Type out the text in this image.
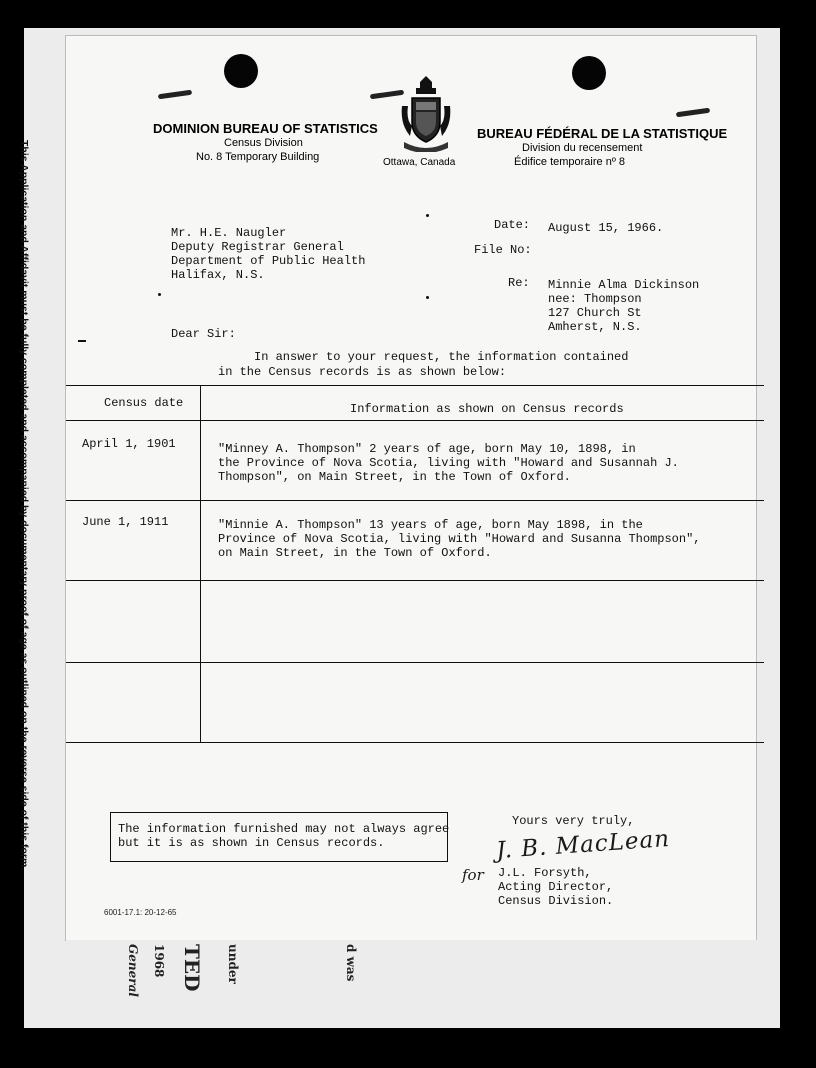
This Application and Affidavit must be fully completed and accompanied by documentary proof of age as outlined on the reverse side of this form.

DOMINION BUREAU OF STATISTICS
Census Division
No. 8 Temporary Building	Ottawa, Canada
BUREAU FÉDÉRAL DE LA STATISTIQUE
Division du recensement
Édifice temporaire nº 8
Date: August 15, 1966.
File No:
Mr. H.E. Naugler
Deputy Registrar General
Department of Public Health
Halifax, N.S.
Re: Minnie Alma Dickinson
nee: Thompson
127 Church St
Amherst, N.S.
Dear Sir:
In answer to your request, the information contained
in the Census records is as shown below:
Census date	Information as shown on Census records
April 1, 1901	"Minney A. Thompson" 2 years of age, born May 10, 1898, in
the Province of Nova Scotia, living with "Howard and Susannah J.
Thompson", on Main Street, in the Town of Oxford.
June 1, 1911	"Minnie A. Thompson" 13 years of age, born May 1898, in the
Province of Nova Scotia, living with "Howard and Susanna Thompson",
on Main Street, in the Town of Oxford.
The information furnished may not always agree
but it is as shown in Census records.
Yours very truly,
J. B. MacLean
for J.L. Forsyth,
Acting Director,
Census Division.
6001-17.1: 20-12-65
1968
General	under	d was
TED
